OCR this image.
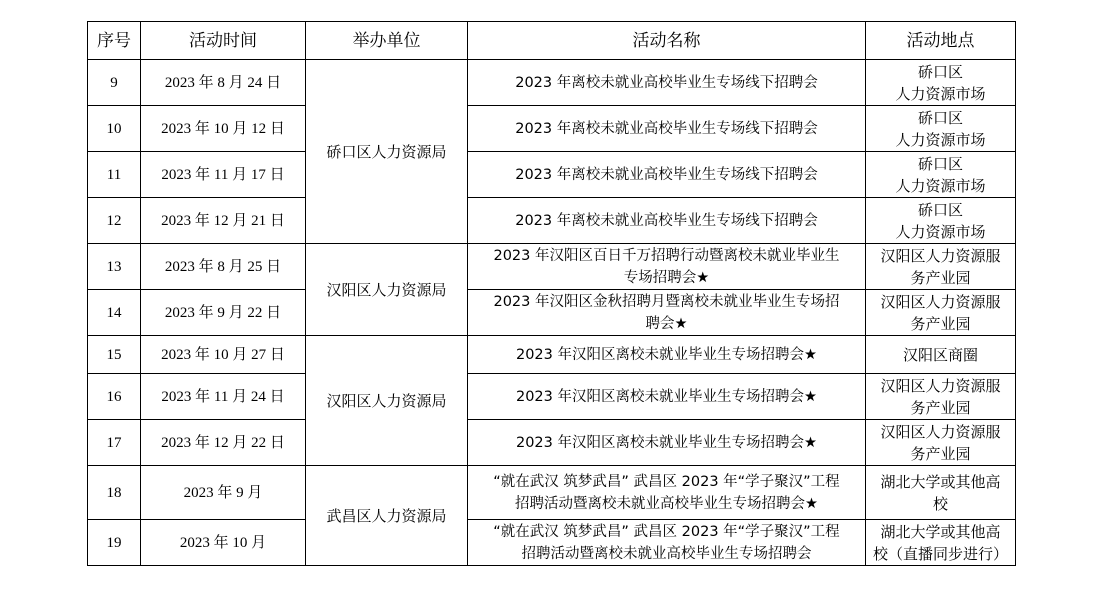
序号	活动时间	举办单位	活动名称	活动地点
9	2023 年 8 月 24 日	硚口区人力资源局	2023 年离校未就业高校毕业生专场线下招聘会	硚口区
人力资源市场

10	2023 年 10 月 12 日		2023 年离校未就业高校毕业生专场线下招聘会	硚口区
人力资源市场

11	2023 年 11 月 17 日		2023 年离校未就业高校毕业生专场线下招聘会	硚口区
人力资源市场

12	2023 年 12 月 21 日		2023 年离校未就业高校毕业生专场线下招聘会	硚口区
人力资源市场

13	2023 年 8 月 25 日	汉阳区人力资源局	2023 年汉阳区百日千万招聘行动暨离校未就业毕业生
专场招聘会★	汉阳区人力资源服
务产业园

14	2023 年 9 月 22 日		2023 年汉阳区金秋招聘月暨离校未就业毕业生专场招
聘会★	汉阳区人力资源服
务产业园

15	2023 年 10 月 27 日	汉阳区人力资源局	2023 年汉阳区离校未就业毕业生专场招聘会★	汉阳区商圈

16	2023 年 11 月 24 日		2023 年汉阳区离校未就业毕业生专场招聘会★	汉阳区人力资源服
务产业园

17	2023 年 12 月 22 日		2023 年汉阳区离校未就业毕业生专场招聘会★	汉阳区人力资源服
务产业园

18	2023 年 9 月	武昌区人力资源局	“就在武汉 筑梦武昌” 武昌区 2023 年“学子聚汉”工程
招聘活动暨离校未就业高校毕业生专场招聘会★	湖北大学或其他高
校

19	2023 年 10 月		“就在武汉 筑梦武昌” 武昌区 2023 年“学子聚汉”工程
招聘活动暨离校未就业高校毕业生专场招聘会	湖北大学或其他高
校（直播同步进行）
